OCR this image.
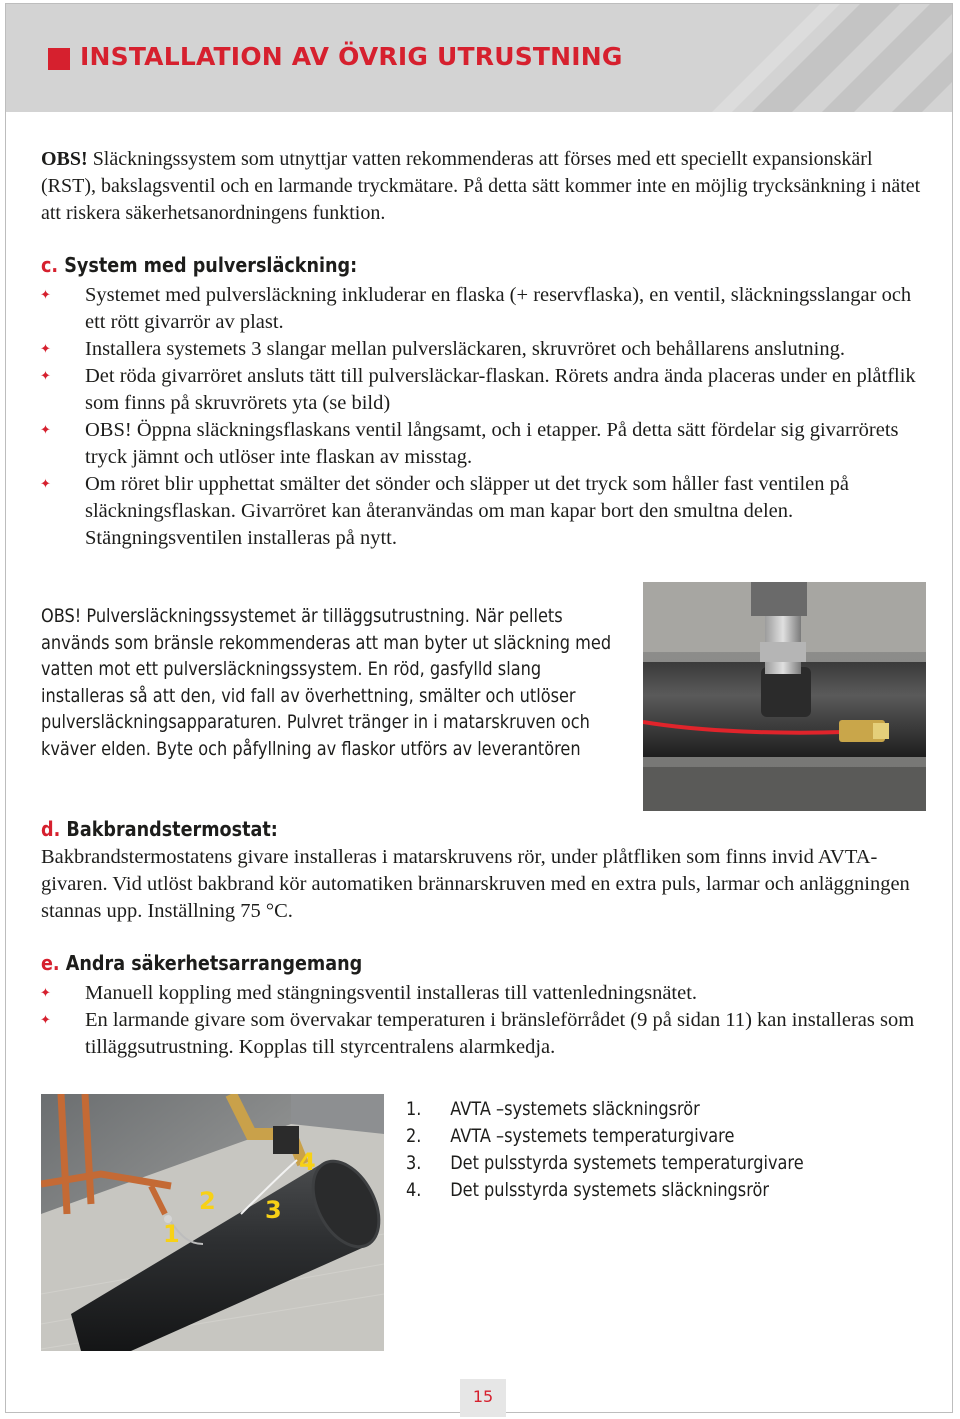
INSTALLATION AV ÖVRIG UTRUSTNING
OBS! Släckningssystem som utnyttjar vatten rekommenderas att förses med ett speciellt expansionskärl (RST), bakslagsventil och en larmande tryckmätare. På detta sätt kommer inte en möjlig trycksänkning i nätet att riskera säkerhetsanordningens funktion.
c. System med pulversläckning:
✦ Systemet med pulversläckning inkluderar en flaska (+ reservflaska), en ventil, släckningsslangar och ett rött givarrör av plast.
✦ Installera systemets 3 slangar mellan pulversläckaren, skruvröret och behållarens anslutning.
✦ Det röda givarröret ansluts tätt till pulversläckar-flaskan. Rörets andra ända placeras under en plåtflik som finns på skruvrörets yta (se bild)
✦ OBS! Öppna släckningsflaskans ventil långsamt, och i etapper. På detta sätt fördelar sig givarrörets tryck jämnt och utlöser inte flaskan av misstag.
✦ Om röret blir upphettat smälter det sönder och släpper ut det tryck som håller fast ventilen på släckningsflaskan. Givarröret kan återanvändas om man kapar bort den smultna delen. Stängningsventilen installeras på nytt.
OBS! Pulversläckningssystemet är tilläggsutrustning. När pellets används som bränsle rekommenderas att man byter ut släckning med vatten mot ett pulversläckningssystem. En röd, gasfylld slang installeras så att den, vid fall av överhettning, smälter och utlöser pulversläckningsapparaturen. Pulvret tränger in i matarskruven och kväver elden. Byte och påfyllning av flaskor utförs av leverantören
d. Bakbrandstermostat:
Bakbrandstermostatens givare installeras i matarskruvens rör, under plåtfliken som finns invid AVTA-givaren. Vid utlöst bakbrand kör automatiken brännarskruven med en extra puls, larmar och anläggningen stannas upp. Inställning 75 °C.
e. Andra säkerhetsarrangemang
✦ Manuell koppling med stängningsventil installeras till vattenledningsnätet.
✦ En larmande givare som övervakar temperaturen i bränsleförrådet (9 på sidan 11) kan installeras som tilläggsutrustning. Kopplas till styrcentralens alarmkedja.
1
2 3
4
1. AVTA –systemets släckningsrör
2. AVTA –systemets temperaturgivare
3. Det pulsstyrda systemets temperaturgivare
4. Det pulsstyrda systemets släckningsrör
15
